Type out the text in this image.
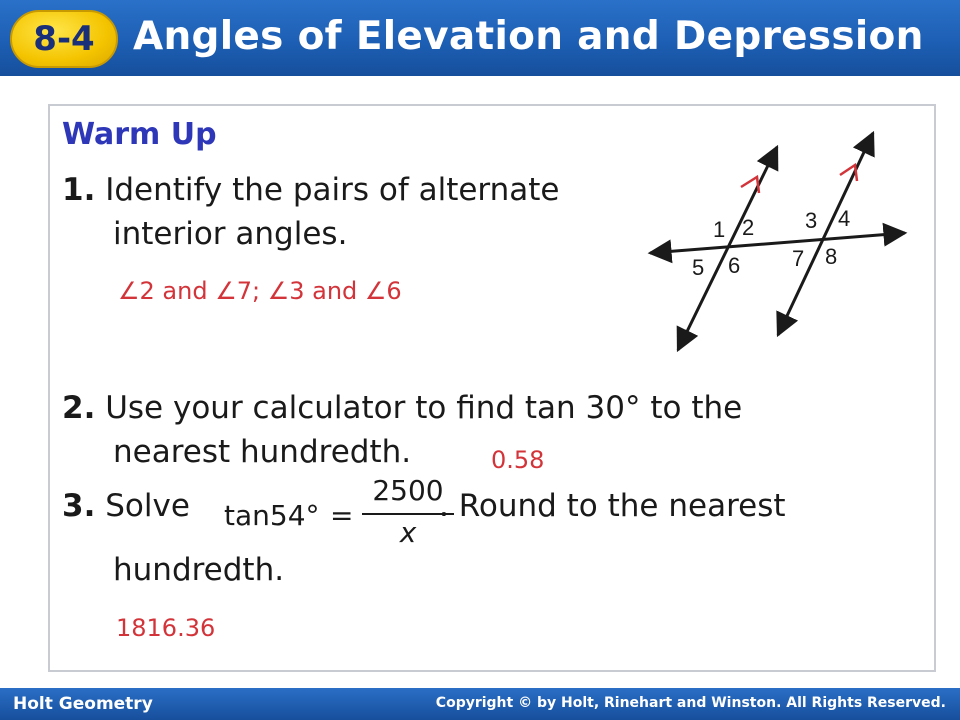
8-4 Angles of Elevation and Depression
Warm Up
1. Identify the pairs of alternate
interior angles.
∠2 and ∠7; ∠3 and ∠6
1 2 3 4
5 6 7 8
2. Use your calculator to find tan 30° to the
nearest hundredth.	0.58
3. Solve tan54° =
2500
x
. Round to the nearest
hundredth.
1816.36
Holt Geometry	Copyright © by Holt, Rinehart and Winston. All Rights Reserved.
